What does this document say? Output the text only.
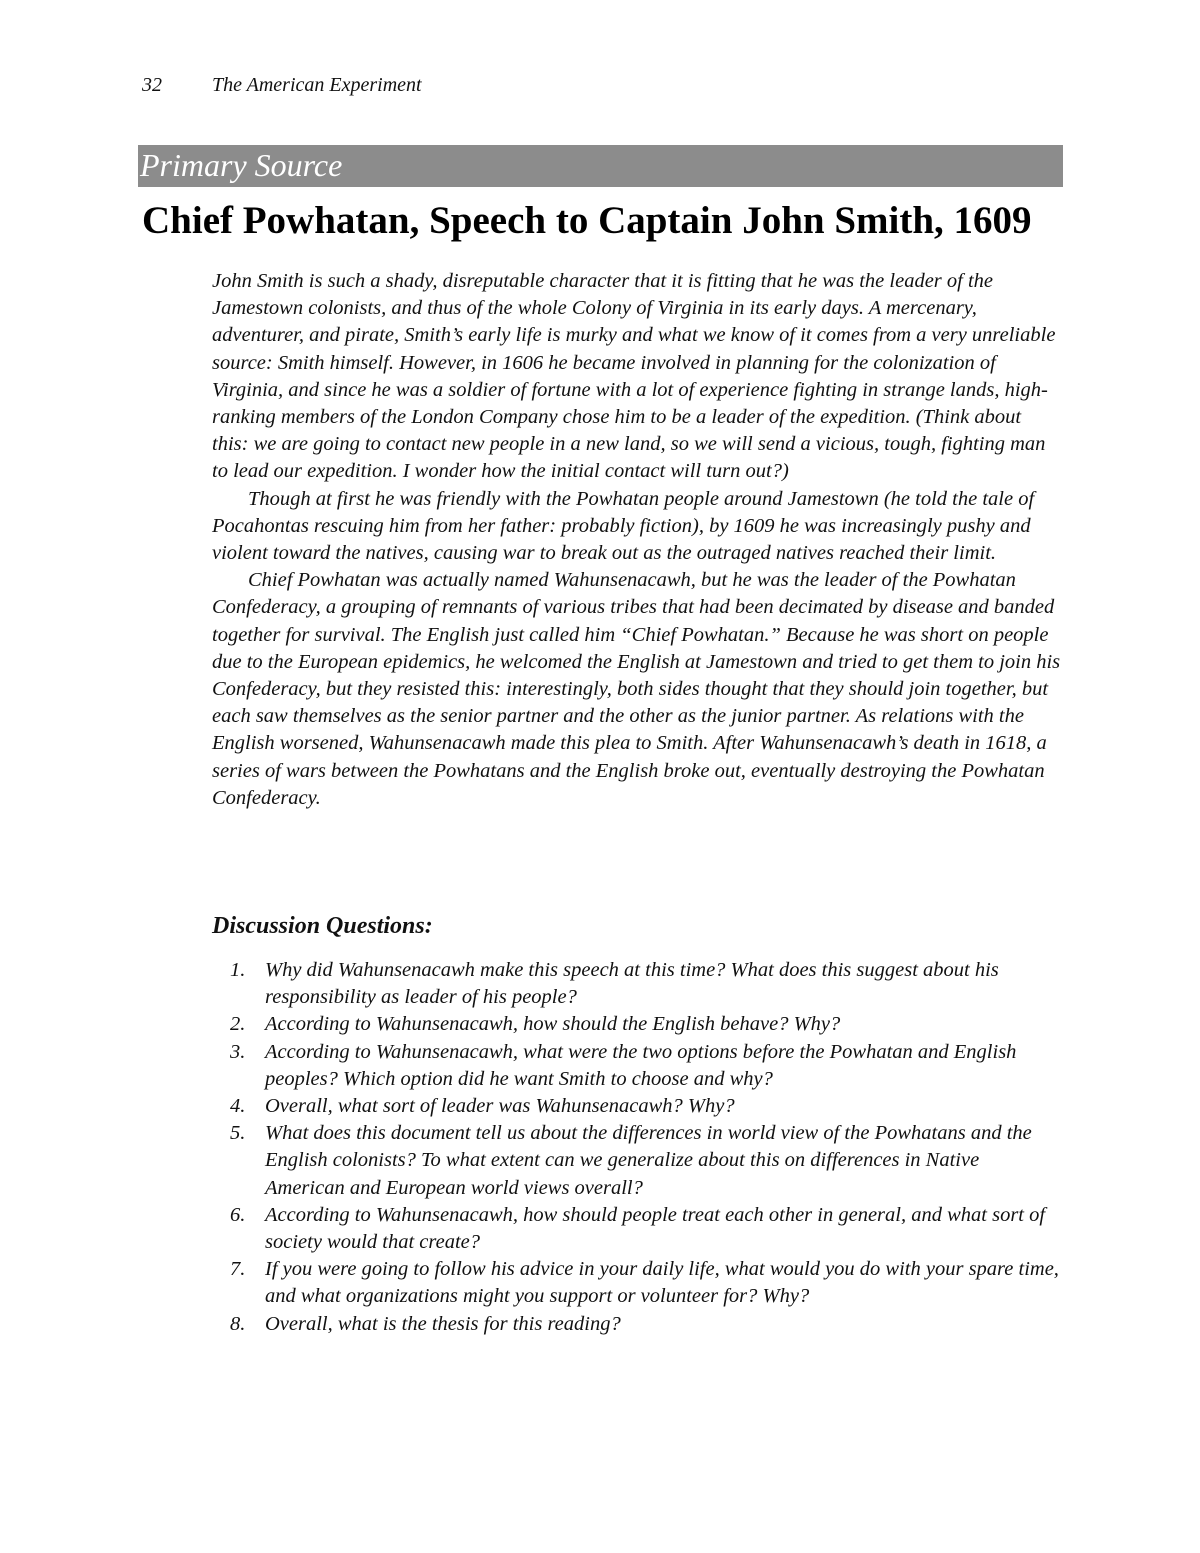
32	The American Experiment
Primary Source
Chief Powhatan, Speech to Captain John Smith, 1609

John Smith is such a shady, disreputable character that it is fitting that he was the leader of the Jamestown colonists, and thus of the whole Colony of Virginia in its early days. A mercenary, adventurer, and pirate, Smith’s early life is murky and what we know of it comes from a very unreliable source: Smith himself. However, in 1606 he became involved in planning for the colonization of Virginia, and since he was a soldier of fortune with a lot of experience fighting in strange lands, high-ranking members of the London Company chose him to be a leader of the expedition. (Think about this: we are going to contact new people in a new land, so we will send a vicious, tough, fighting man to lead our expedition. I wonder how the initial contact will turn out?)

Though at first he was friendly with the Powhatan people around Jamestown (he told the tale of Pocahontas rescuing him from her father: probably fiction), by 1609 he was increasingly pushy and violent toward the natives, causing war to break out as the outraged natives reached their limit.

Chief Powhatan was actually named Wahunsenacawh, but he was the leader of the Powhatan Confederacy, a grouping of remnants of various tribes that had been decimated by disease and banded together for survival. The English just called him “Chief Powhatan.” Because he was short on people due to the European epidemics, he welcomed the English at Jamestown and tried to get them to join his Confederacy, but they resisted this: interestingly, both sides thought that they should join together, but each saw themselves as the senior partner and the other as the junior partner. As relations with the English worsened, Wahunsenacawh made this plea to Smith. After Wahunsenacawh’s death in 1618, a series of wars between the Powhatans and the English broke out, eventually destroying the Powhatan Confederacy.

Discussion Questions:
1. Why did Wahunsenacawh make this speech at this time? What does this suggest about his responsibility as leader of his people?
2. According to Wahunsenacawh, how should the English behave? Why?
3. According to Wahunsenacawh, what were the two options before the Powhatan and English peoples? Which option did he want Smith to choose and why?
4. Overall, what sort of leader was Wahunsenacawh? Why?
5. What does this document tell us about the differences in world view of the Powhatans and the English colonists? To what extent can we generalize about this on differences in Native American and European world views overall?
6. According to Wahunsenacawh, how should people treat each other in general, and what sort of society would that create?
7. If you were going to follow his advice in your daily life, what would you do with your spare time, and what organizations might you support or volunteer for? Why?
8. Overall, what is the thesis for this reading?
